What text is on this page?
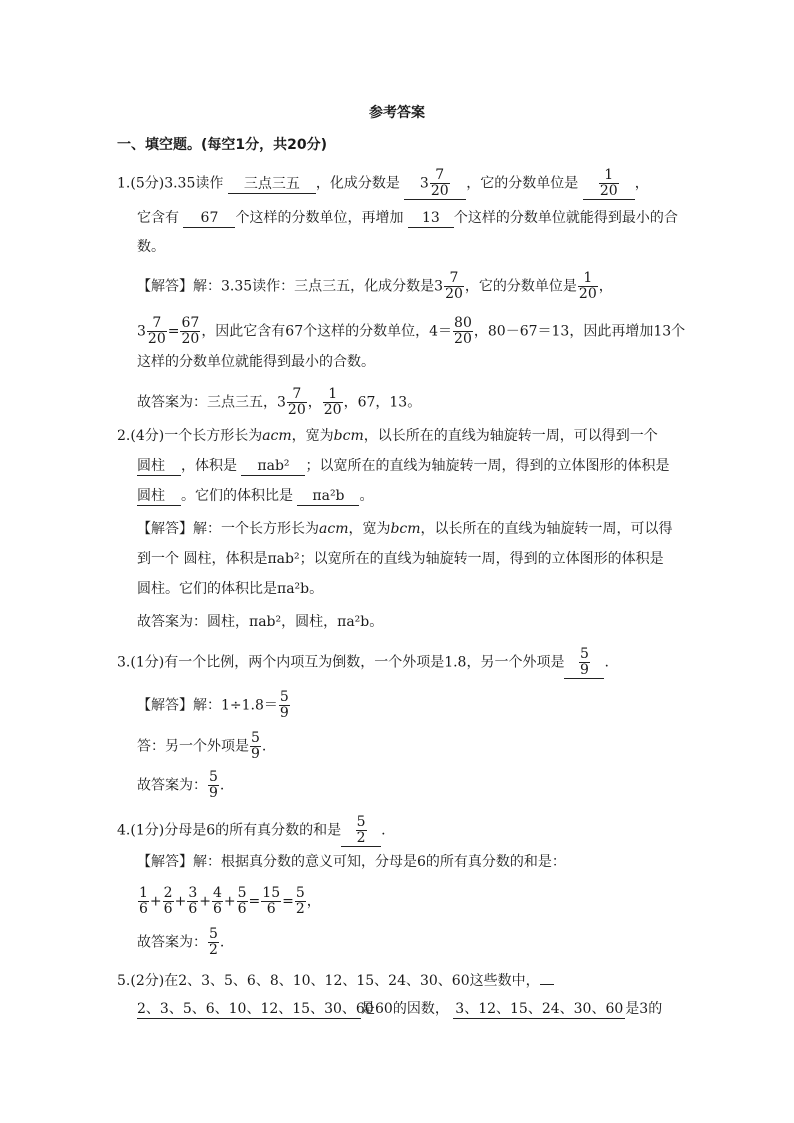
参考答案
一、填空题。(每空1分，共20分)
1.(5分)3.35读作 三点三五 ，化成分数是 $3 \frac{7}{20}$ ，它的分数单位是 $\frac{1}{20}$ ，
它含有 67 个这样的分数单位，再增加 13 个这样的分数单位就能得到最小的合
数。
【解答】解：3.35读作：三点三五，化成分数是$3 \frac{7}{20}$ ，它的分数单位是 $\frac{1}{20}$ ，
$3 \frac{7}{20} = \frac{67}{20}$ ，因此它含有67个这样的分数单位，$4= \frac{80}{20}$ ，80－67＝13，因此再增加13个
这样的分数单位就能得到最小的合数。
故答案为：三点三五，$3 \frac{7}{20}$ ， $\frac{1}{20}$ ，67，13。
2.(4分)一个长方形长为acm，宽为bcm，以长所在的直线为轴旋转一周，可以得到一个
圆柱 ，体积是 πab² ；以宽所在的直线为轴旋转一周，得到的立体图形的体积是
圆柱 。它们的体积比是 πa²b 。
【解答】解：一个长方形长为acm，宽为bcm，以长所在的直线为轴旋转一周，可以得
到一个 圆柱，体积是πab²；以宽所在的直线为轴旋转一周，得到的立体图形的体积是
圆柱。它们的体积比是πa²b。
故答案为：圆柱，πab²，圆柱，πa²b。
3.(1分)有一个比例，两个内项互为倒数，一个外项是1.8，另一个外项是 $\frac{5}{9}$ .
【解答】解：$1\div 1.8= \frac{5}{9}$
答：另一个外项是 $\frac{5}{9}$ .
故答案为： $\frac{5}{9}$ .
4.(1分)分母是6的所有真分数的和是 $\frac{5}{2}$ .
【解答】解：根据真分数的意义可知，分母是6的所有真分数的和是：
$\frac{1}{6} + \frac{2}{6} + \frac{3}{6} + \frac{4}{6} + \frac{5}{6} = \frac{15}{6} = \frac{5}{2}$ ，
故答案为： $\frac{5}{2}$ .
5.(2分)在2、3、5、6、8、10、12、15、24、30、60这些数中，
2、3、5、6、10、12、15、30、60是60的因数， 3、12、15、24、30、60 是3的
